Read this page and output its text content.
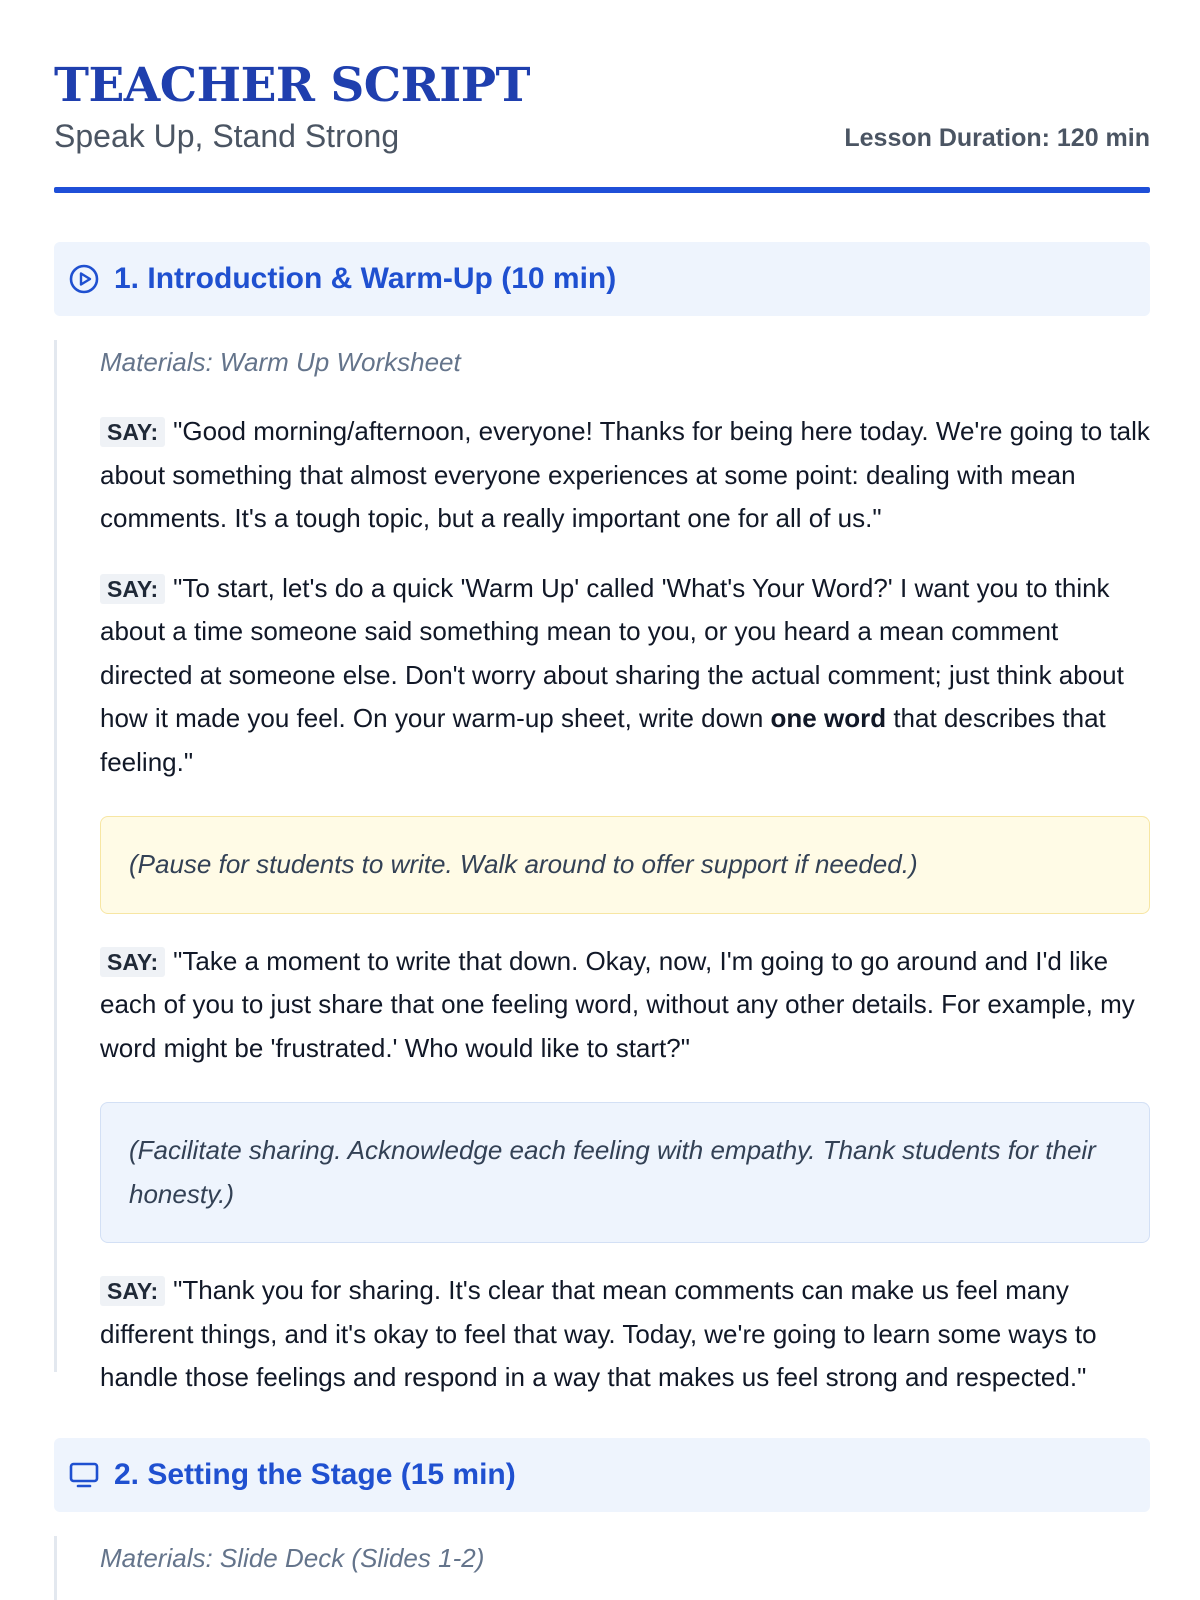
TEACHER SCRIPT
Speak Up, Stand Strong	Lesson Duration: 120 min
1. Introduction & Warm-Up (10 min)
Materials: Warm Up Worksheet
SAY: "Good morning/afternoon, everyone! Thanks for being here today. We're going to talk about something that almost everyone experiences at some point: dealing with mean comments. It's a tough topic, but a really important one for all of us."
SAY: "To start, let's do a quick 'Warm Up' called 'What's Your Word?' I want you to think about a time someone said something mean to you, or you heard a mean comment directed at someone else. Don't worry about sharing the actual comment; just think about how it made you feel. On your warm-up sheet, write down one word that describes that feeling."
(Pause for students to write. Walk around to offer support if needed.)
SAY: "Take a moment to write that down. Okay, now, I'm going to go around and I'd like each of you to just share that one feeling word, without any other details. For example, my word might be 'frustrated.' Who would like to start?"
(Facilitate sharing. Acknowledge each feeling with empathy. Thank students for their honesty.)
SAY: "Thank you for sharing. It's clear that mean comments can make us feel many different things, and it's okay to feel that way. Today, we're going to learn some ways to handle those feelings and respond in a way that makes us feel strong and respected."
2. Setting the Stage (15 min)
Materials: Slide Deck (Slides 1-2)
